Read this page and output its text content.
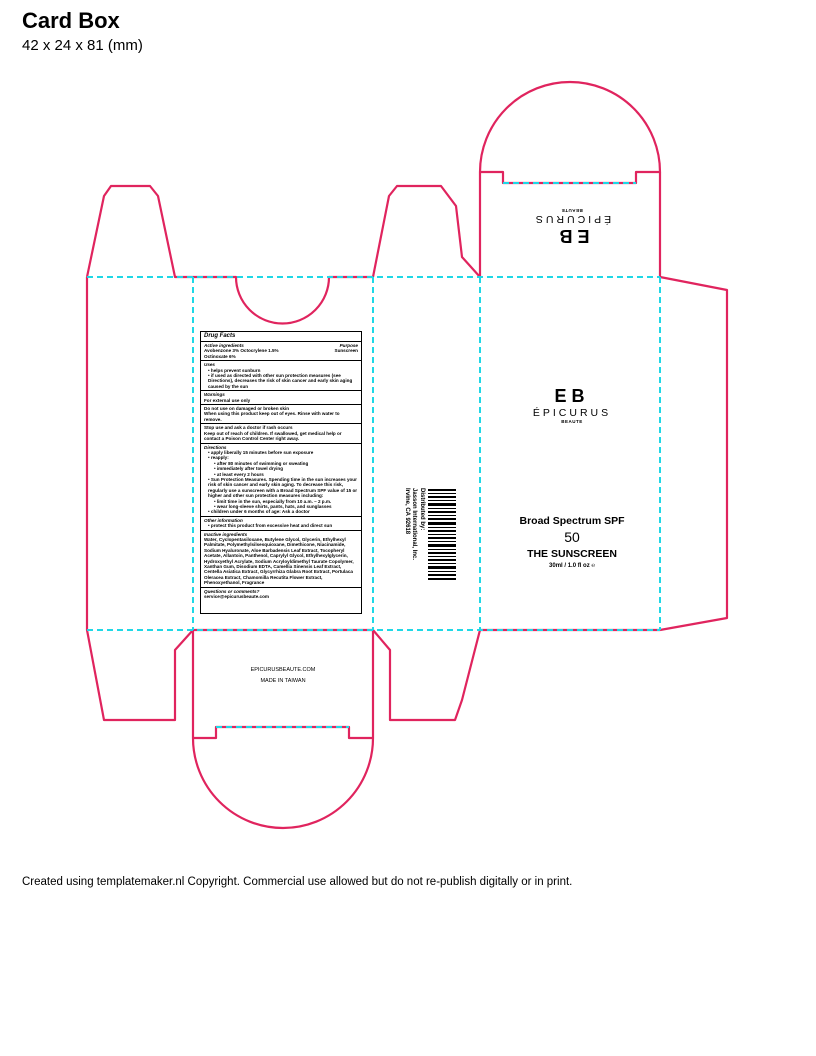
Card Box
42 x 24 x 81 (mm)
EB
ÉPICURUS
BEAUTE
EB
ÉPICURUS
BEAUTE
Broad Spectrum SPF
50
THE SUNSCREEN
30ml / 1.0 fl oz ℮
Drug Facts
Active ingredients	Purpose
Avobenzone 3% Octocrylene 1.5%	Sunscreen
Octinoxate 6%
Uses
• helps prevent sunburn
• if used as directed with other sun protection measures (see Directions), decreases the risk of skin cancer and early skin aging caused by the sun
Warnings
For external use only
Do not use on damaged or broken skin
When using this product keep out of eyes. Rinse with water to remove.
Stop use and ask a doctor if rash occurs
Keep out of reach of children. If swallowed, get medical help or contact a Poison Control Center right away.
Directions
• apply liberally 15 minutes before sun exposure
• reapply:
• after 80 minutes of swimming or sweating
• immediately after towel drying
• at least every 2 hours
• Sun Protection Measures. Spending time in the sun increases your risk of skin cancer and early skin aging. To decrease this risk, regularly use a sunscreen with a Broad Spectrum SPF value of 15 or higher and other sun protection measures including:
• limit time in the sun, especially from 10 a.m. – 2 p.m.
• wear long-sleeve shirts, pants, hats, and sunglasses
• children under 6 months of age: Ask a doctor
Other information
• protect this product from excessive heat and direct sun
Inactive ingredients
Water, Cyclopentasiloxane, Butylene Glycol, Glycerin, Ethylhexyl Palmitate, Polymethylsilsesquioxane, Dimethicone, Niacinamide, Sodium Hyaluronate, Aloe Barbadensis Leaf Extract, Tocopheryl Acetate, Allantoin, Panthenol, Caprylyl Glycol, Ethylhexylglycerin, Hydroxyethyl Acrylate, Sodium Acryloyldimethyl Taurate Copolymer, Xanthan Gum, Disodium EDTA, Camellia Sinensis Leaf Extract, Centella Asiatica Extract, Glycyrrhiza Glabra Root Extract, Portulaca Oleracea Extract, Chamomilla Recutita Flower Extract, Phenoxyethanol, Fragrance
Questions or comments?
service@epicurusbeaute.com
Distributed by:
Jasson International, Inc.
Irvine, CA 92618
EPICURUSBEAUTE.COM
MADE IN TAIWAN
Created using templatemaker.nl Copyright. Commercial use allowed but do not re-publish digitally or in print.
